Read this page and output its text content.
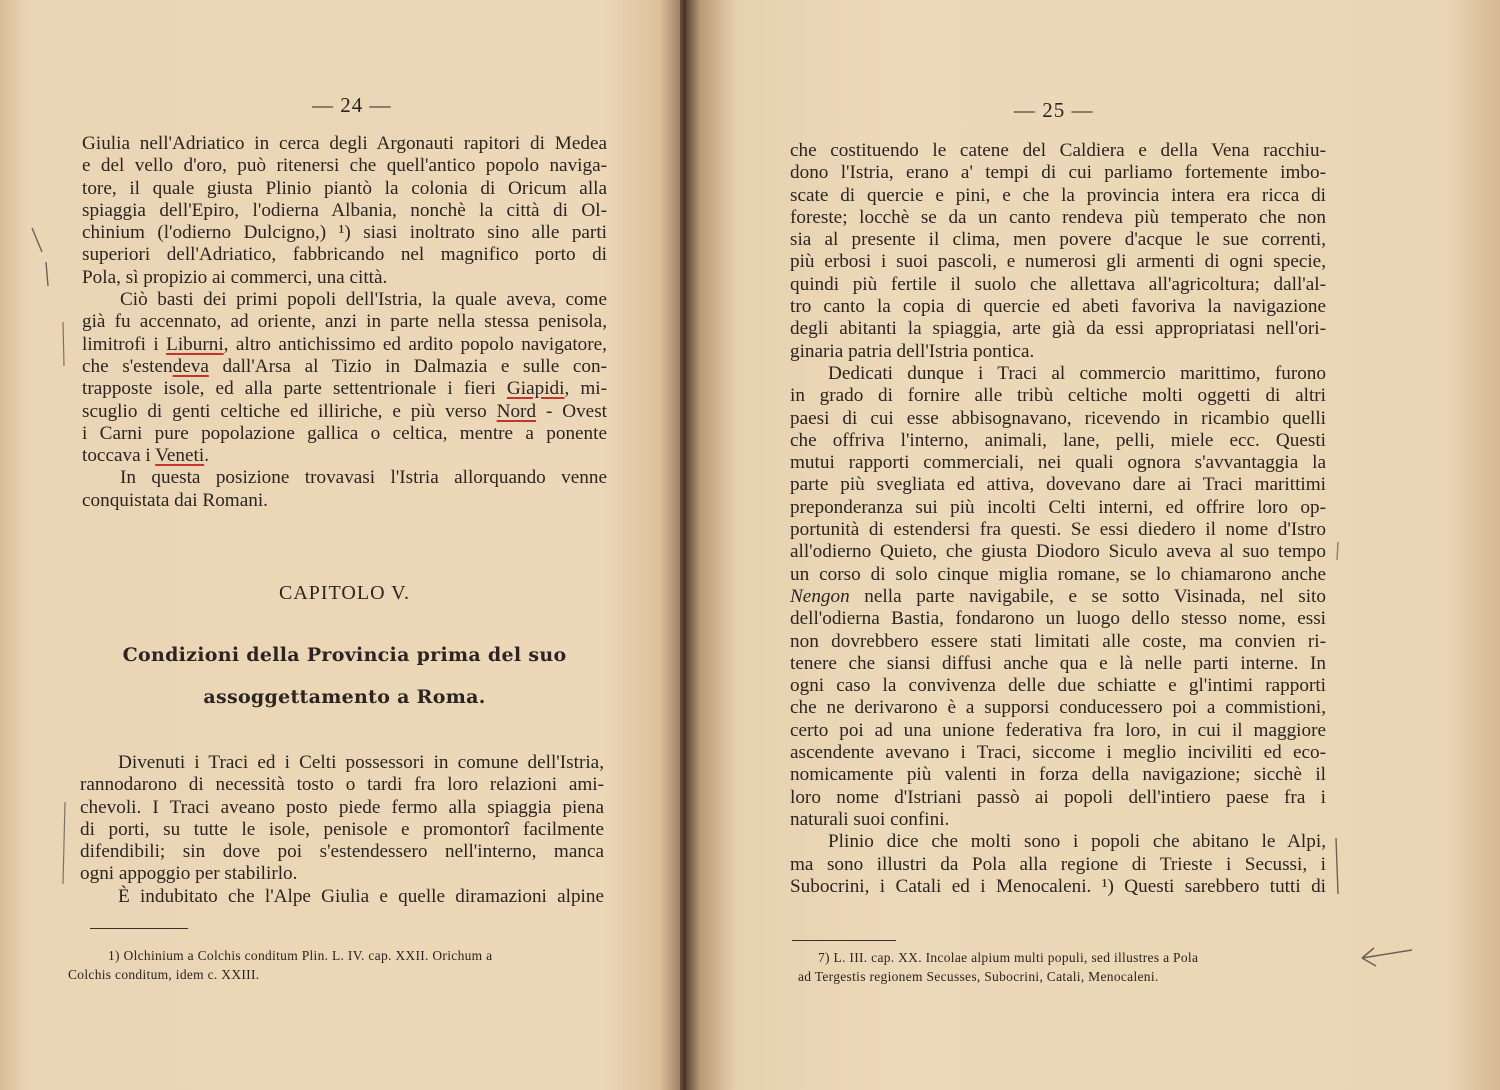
— 24 —

Giulia nell'Adriatico in cerca degli Argonauti rapitori di Medea
e del vello d'oro, può ritenersi che quell'antico popolo naviga-
tore, il quale giusta Plinio piantò la colonia di Oricum alla
spiaggia dell'Epiro, l'odierna Albania, nonchè la città di Ol-
chinium (l'odierno Dulcigno,) ¹) siasi inoltrato sino alle parti
superiori dell'Adriatico, fabbricando nel magnifico porto di
Pola, sì propizio ai commerci, una città.

Ciò basti dei primi popoli dell'Istria, la quale aveva, come
già fu accennato, ad oriente, anzi in parte nella stessa penisola,
limitrofi i Liburni, altro antichissimo ed ardito popolo navigatore,
che s'estendeva dall'Arsa al Tizio in Dalmazia e sulle con-
trapposte isole, ed alla parte settentrionale i fieri Giapidi, mi-
scuglio di genti celtiche ed illiriche, e più verso Nord - Ovest
i Carni pure popolazione gallica o celtica, mentre a ponente
toccava i Veneti.

In questa posizione trovavasi l'Istria allorquando venne
conquistata dai Romani.

CAPITOLO V.
Condizioni della Provincia prima del suo
assoggettamento a Roma.

Divenuti i Traci ed i Celti possessori in comune dell'Istria,
rannodarono di necessità tosto o tardi fra loro relazioni ami-
chevoli. I Traci aveano posto piede fermo alla spiaggia piena
di porti, su tutte le isole, penisole e promontorî facilmente
difendibili; sin dove poi s'estendessero nell'interno, manca
ogni appoggio per stabilirlo.

È indubitato che l'Alpe Giulia e quelle diramazioni alpine

1) Olchinium a Colchis conditum Plin. L. IV. cap. XXII. Orichum a
Colchis conditum, idem c. XXIII.
— 25 —

che costituendo le catene del Caldiera e della Vena racchiu-
dono l'Istria, erano a' tempi di cui parliamo fortemente imbo-
scate di quercie e pini, e che la provincia intera era ricca di
foreste; locchè se da un canto rendeva più temperato che non
sia al presente il clima, men povere d'acque le sue correnti,
più erbosi i suoi pascoli, e numerosi gli armenti di ogni specie,
quindi più fertile il suolo che allettava all'agricoltura; dall'al-
tro canto la copia di quercie ed abeti favoriva la navigazione
degli abitanti la spiaggia, arte già da essi appropriatasi nell'ori-
ginaria patria dell'Istria pontica.

Dedicati dunque i Traci al commercio marittimo, furono
in grado di fornire alle tribù celtiche molti oggetti di altri
paesi di cui esse abbisognavano, ricevendo in ricambio quelli
che offriva l'interno, animali, lane, pelli, miele ecc. Questi
mutui rapporti commerciali, nei quali ognora s'avvantaggia la
parte più svegliata ed attiva, dovevano dare ai Traci marittimi
preponderanza sui più incolti Celti interni, ed offrire loro op-
portunità di estendersi fra questi. Se essi diedero il nome d'Istro
all'odierno Quieto, che giusta Diodoro Siculo aveva al suo tempo
un corso di solo cinque miglia romane, se lo chiamarono anche
Nengon nella parte navigabile, e se sotto Visinada, nel sito
dell'odierna Bastia, fondarono un luogo dello stesso nome, essi
non dovrebbero essere stati limitati alle coste, ma convien ri-
tenere che siansi diffusi anche qua e là nelle parti interne. In
ogni caso la convivenza delle due schiatte e gl'intimi rapporti
che ne derivarono è a supporsi conducessero poi a commistioni,
certo poi ad una unione federativa fra loro, in cui il maggiore
ascendente avevano i Traci, siccome i meglio inciviliti ed eco-
nomicamente più valenti in forza della navigazione; sicchè il
loro nome d'Istriani passò ai popoli dell'intiero paese fra i
naturali suoi confini.

Plinio dice che molti sono i popoli che abitano le Alpi,
ma sono illustri da Pola alla regione di Trieste i Secussi, i
Subocrini, i Catali ed i Menocaleni. ¹) Questi sarebbero tutti di

7) L. III. cap. XX. Incolae alpium multi populi, sed illustres a Pola
ad Tergestis regionem Secusses, Subocrini, Catali, Menocaleni.
